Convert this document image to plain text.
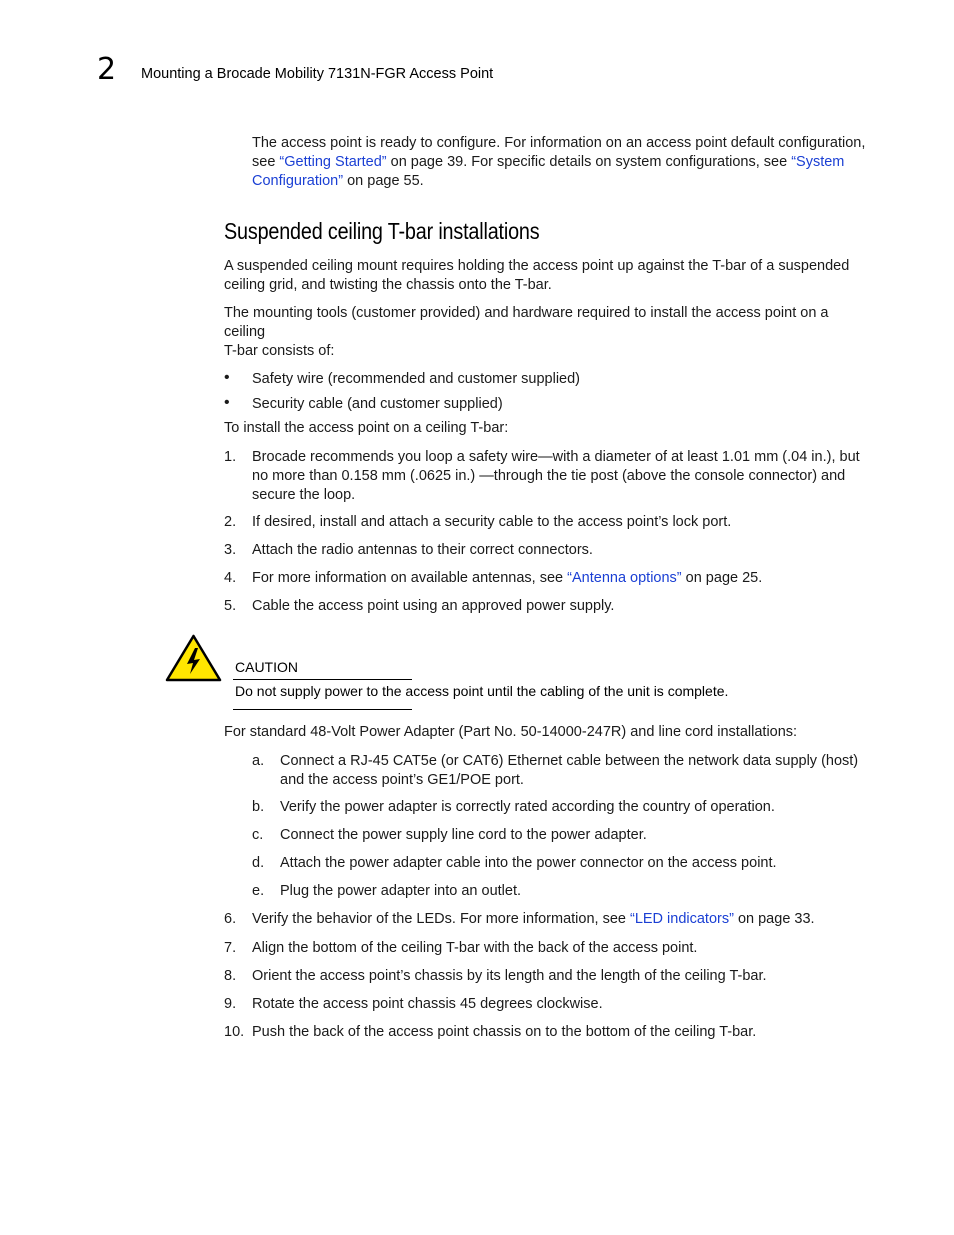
2 Mounting a Brocade Mobility 7131N-FGR Access Point
The access point is ready to configure. For information on an access point default configuration, see “Getting Started” on page 39. For specific details on system configurations, see “System Configuration” on page 55.
Suspended ceiling T-bar installations
A suspended ceiling mount requires holding the access point up against the T-bar of a suspended ceiling grid, and twisting the chassis onto the T-bar.
The mounting tools (customer provided) and hardware required to install the access point on a ceiling
T-bar consists of:
• Safety wire (recommended and customer supplied)
• Security cable (and customer supplied)
To install the access point on a ceiling T-bar:
1. Brocade recommends you loop a safety wire—with a diameter of at least 1.01 mm (.04 in.), but no more than 0.158 mm (.0625 in.) —through the tie post (above the console connector) and secure the loop.
2. If desired, install and attach a security cable to the access point’s lock port.
3. Attach the radio antennas to their correct connectors.
4. For more information on available antennas, see “Antenna options” on page 25.
5. Cable the access point using an approved power supply.
CAUTION
Do not supply power to the access point until the cabling of the unit is complete.
For standard 48-Volt Power Adapter (Part No. 50-14000-247R) and line cord installations:
a. Connect a RJ-45 CAT5e (or CAT6) Ethernet cable between the network data supply (host) and the access point’s GE1/POE port.
b. Verify the power adapter is correctly rated according the country of operation.
c. Connect the power supply line cord to the power adapter.
d. Attach the power adapter cable into the power connector on the access point.
e. Plug the power adapter into an outlet.
6. Verify the behavior of the LEDs. For more information, see “LED indicators” on page 33.
7. Align the bottom of the ceiling T-bar with the back of the access point.
8. Orient the access point’s chassis by its length and the length of the ceiling T-bar.
9. Rotate the access point chassis 45 degrees clockwise.
10. Push the back of the access point chassis on to the bottom of the ceiling T-bar.
